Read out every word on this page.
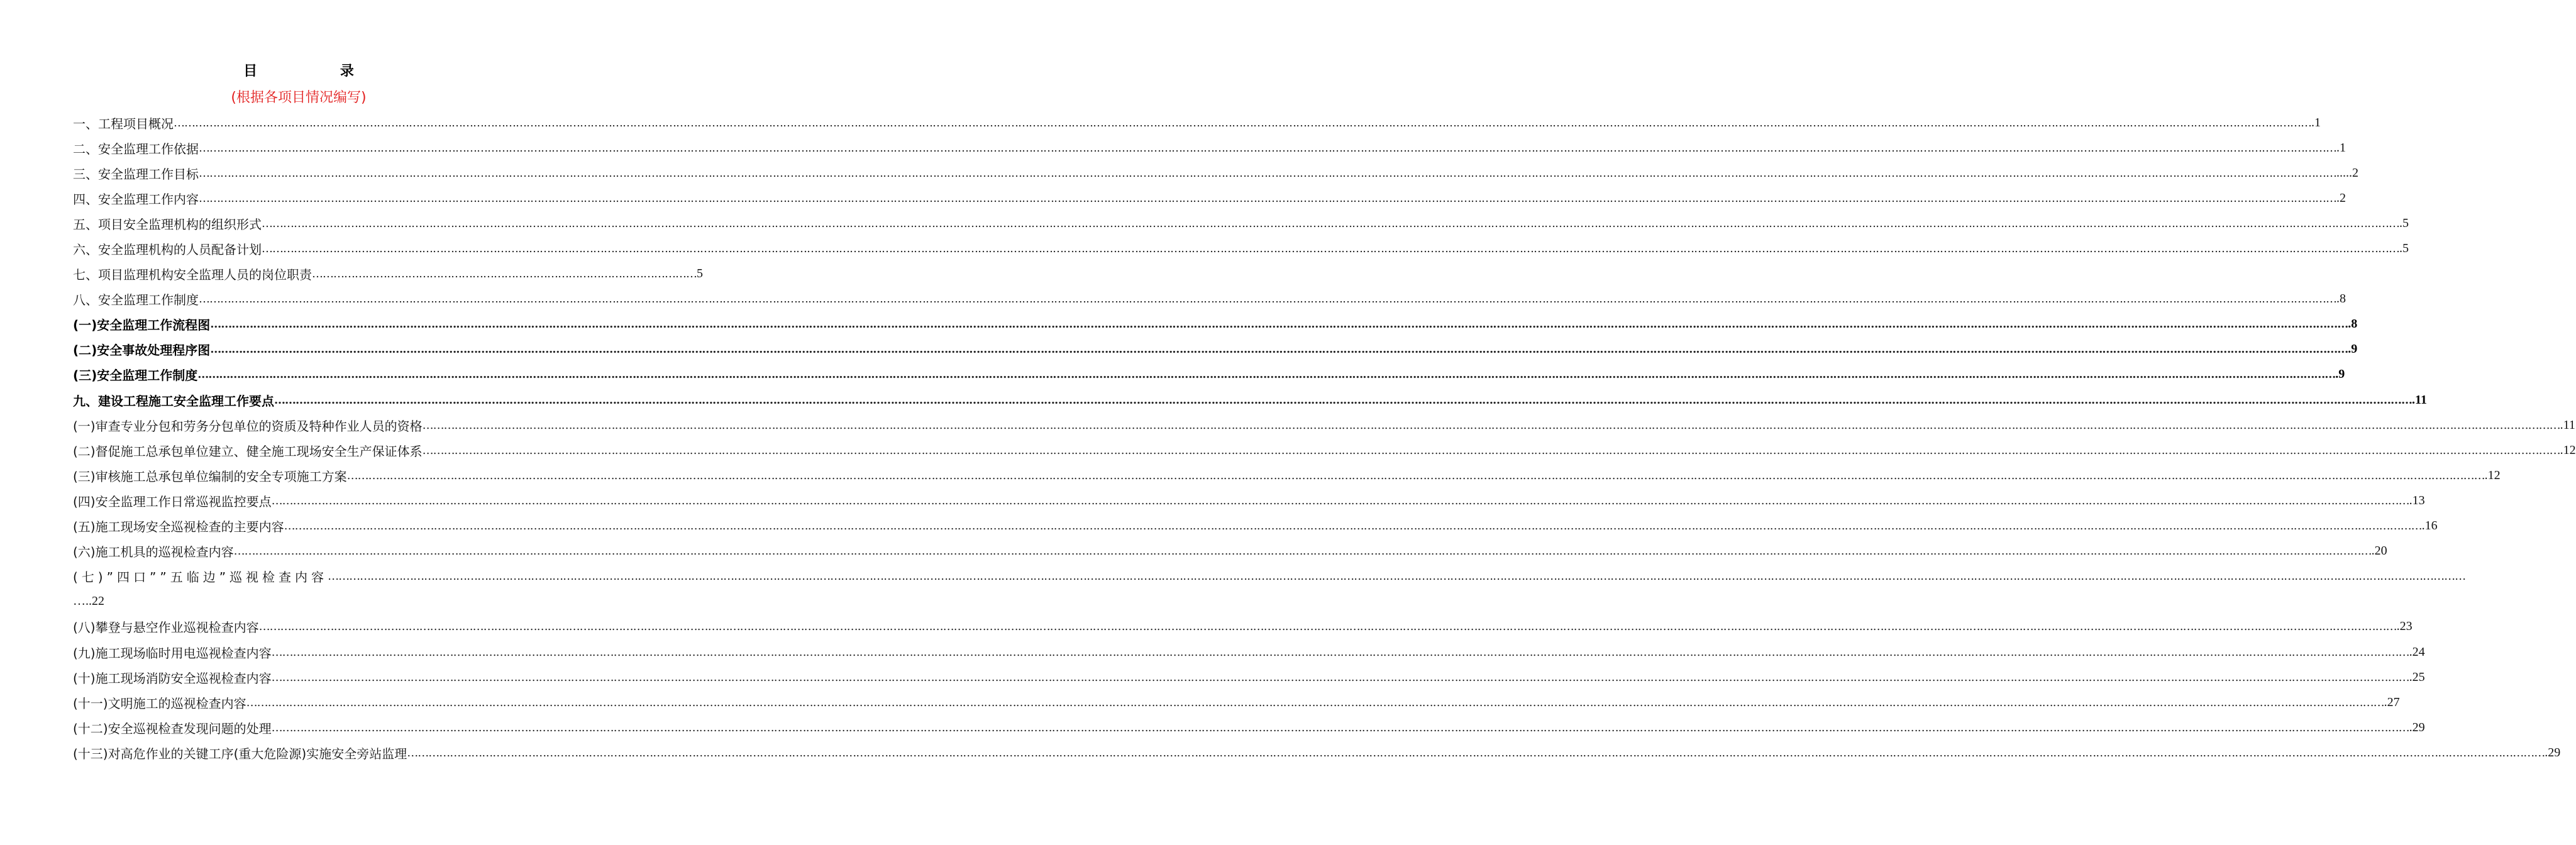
目 录
(根据各项目情况编写)
一、工程项目概况 …………………………………………………………………………………………………………………………………………………………………………………………………………………………………………………………………………………………………………………………………………………………………………………………………………………………………………………………………………………………………………………………………………………… .1
二、安全监理工作依据 …………………………………………………………………………………………………………………………………………………………………………………………………………………………………………………………………………………………………………………………………………………………………………………………………………………………………………………………………………………………………………………………………………………… .1
三、安全监理工作目标 …………………………………………………………………………………………………………………………………………………………………………………………………………………………………………………………………………………………………………………………………………………………………………………………………………………………………………………………………………………………………………………………………………………… .....2
四、安全监理工作内容 …………………………………………………………………………………………………………………………………………………………………………………………………………………………………………………………………………………………………………………………………………………………………………………………………………………………………………………………………………………………………………………………………………………… .2
五、项目安全监理机构的组织形式 …………………………………………………………………………………………………………………………………………………………………………………………………………………………………………………………………………………………………………………………………………………………………………………………………………………………………………………………………………………………………………………………………………………… .5
六、安全监理机构的人员配备计划 …………………………………………………………………………………………………………………………………………………………………………………………………………………………………………………………………………………………………………………………………………………………………………………………………………………………………………………………………………………………………………………………………………………… .5
七、项目监理机构安全监理人员的岗位职责 ……………………………………………………………………………………………… 5
八、安全监理工作制度 …………………………………………………………………………………………………………………………………………………………………………………………………………………………………………………………………………………………………………………………………………………………………………………………………………………………………………………………………………………………………………………………………………………… .8
(一)安全监理工作流程图 …………………………………………………………………………………………………………………………………………………………………………………………………………………………………………………………………………………………………………………………………………………………………………………………………………………………………………………………………………………………………………………………………………………… .8
(二)安全事故处理程序图 …………………………………………………………………………………………………………………………………………………………………………………………………………………………………………………………………………………………………………………………………………………………………………………………………………………………………………………………………………………………………………………………………………………… .9
(三)安全监理工作制度 …………………………………………………………………………………………………………………………………………………………………………………………………………………………………………………………………………………………………………………………………………………………………………………………………………………………………………………………………………………………………………………………………………………… .9
九、建设工程施工安全监理工作要点 …………………………………………………………………………………………………………………………………………………………………………………………………………………………………………………………………………………………………………………………………………………………………………………………………………………………………………………………………………………………………………………………………………………… .11
(一)审查专业分包和劳务分包单位的资质及特种作业人员的资格 …………………………………………………………………………………………………………………………………………………………………………………………………………………………………………………………………………………………………………………………………………………………………………………………………………………………………………………………………………………………………………………………………………………… .11
(二)督促施工总承包单位建立、健全施工现场安全生产保证体系 …………………………………………………………………………………………………………………………………………………………………………………………………………………………………………………………………………………………………………………………………………………………………………………………………………………………………………………………………………………………………………………………………………………… .12
(三)审核施工总承包单位编制的安全专项施工方案 …………………………………………………………………………………………………………………………………………………………………………………………………………………………………………………………………………………………………………………………………………………………………………………………………………………………………………………………………………………………………………………………………………………… .12
(四)安全监理工作日常巡视监控要点 …………………………………………………………………………………………………………………………………………………………………………………………………………………………………………………………………………………………………………………………………………………………………………………………………………………………………………………………………………………………………………………………………………………… .13
(五)施工现场安全巡视检查的主要内容 …………………………………………………………………………………………………………………………………………………………………………………………………………………………………………………………………………………………………………………………………………………………………………………………………………………………………………………………………………………………………………………………………………………… .16
(六)施工机具的巡视检查内容 …………………………………………………………………………………………………………………………………………………………………………………………………………………………………………………………………………………………………………………………………………………………………………………………………………………………………………………………………………………………………………………………………………………… .20
(七)”四口””五临边”巡视检查内容 ……………………………………………………………………………………………………………………………………………………………………………………………………………………………………………………………………………………………………………………………………………………………………………………………………………………………………………………………………………………………………………………………………………………
…..22
(八)攀登与悬空作业巡视检查内容 …………………………………………………………………………………………………………………………………………………………………………………………………………………………………………………………………………………………………………………………………………………………………………………………………………………………………………………………………………………………………………………………………………………… .23
(九)施工现场临时用电巡视检查内容 …………………………………………………………………………………………………………………………………………………………………………………………………………………………………………………………………………………………………………………………………………………………………………………………………………………………………………………………………………………………………………………………………………………… .24
(十)施工现场消防安全巡视检查内容 …………………………………………………………………………………………………………………………………………………………………………………………………………………………………………………………………………………………………………………………………………………………………………………………………………………………………………………………………………………………………………………………………………………… .25
(十一)文明施工的巡视检查内容 …………………………………………………………………………………………………………………………………………………………………………………………………………………………………………………………………………………………………………………………………………………………………………………………………………………………………………………………………………………………………………………………………………………… .27
(十二)安全巡视检查发现问题的处理 …………………………………………………………………………………………………………………………………………………………………………………………………………………………………………………………………………………………………………………………………………………………………………………………………………………………………………………………………………………………………………………………………………………… .29
(十三)对高危作业的关键工序(重大危险源)实施安全旁站监理 …………………………………………………………………………………………………………………………………………………………………………………………………………………………………………………………………………………………………………………………………………………………………………………………………………………………………………………………………………………………………………………………………………………… .29
